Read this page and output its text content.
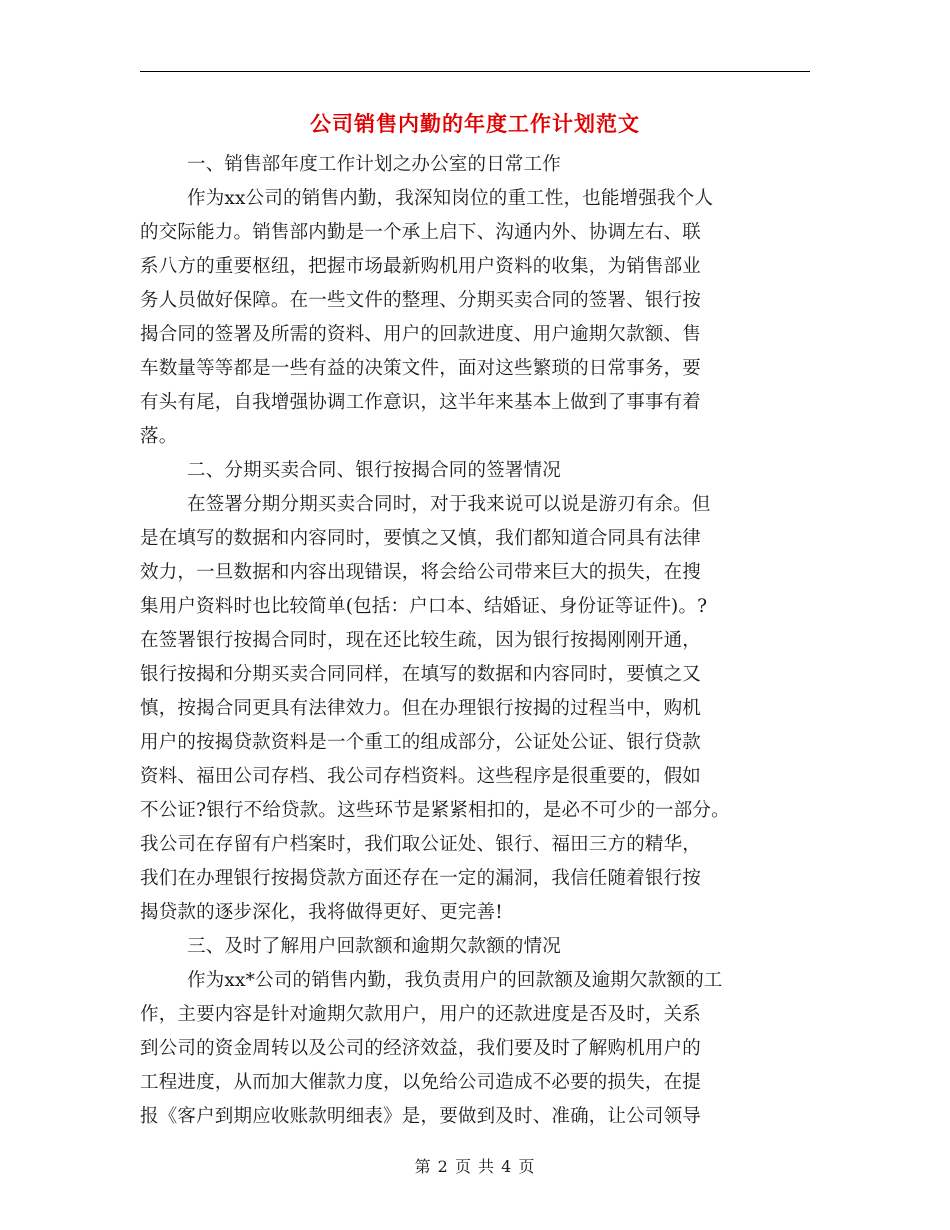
公司销售内勤的年度工作计划范文
一、销售部年度工作计划之办公室的日常工作
作为xx公司的销售内勤，我深知岗位的重工性，也能增强我个人
的交际能力。销售部内勤是一个承上启下、沟通内外、协调左右、联
系八方的重要枢纽，把握市场最新购机用户资料的收集，为销售部业
务人员做好保障。在一些文件的整理、分期买卖合同的签署、银行按
揭合同的签署及所需的资料、用户的回款进度、用户逾期欠款额、售
车数量等等都是一些有益的决策文件，面对这些繁琐的日常事务，要
有头有尾，自我增强协调工作意识，这半年来基本上做到了事事有着
落。
二、分期买卖合同、银行按揭合同的签署情况
在签署分期分期买卖合同时，对于我来说可以说是游刃有余。但
是在填写的数据和内容同时，要慎之又慎，我们都知道合同具有法律
效力，一旦数据和内容出现错误，将会给公司带来巨大的损失，在搜
集用户资料时也比较简单(包括：户口本、结婚证、身份证等证件)。?
在签署银行按揭合同时，现在还比较生疏，因为银行按揭刚刚开通，
银行按揭和分期买卖合同同样，在填写的数据和内容同时，要慎之又
慎，按揭合同更具有法律效力。但在办理银行按揭的过程当中，购机
用户的按揭贷款资料是一个重工的组成部分，公证处公证、银行贷款
资料、福田公司存档、我公司存档资料。这些程序是很重要的，假如
不公证?银行不给贷款。这些环节是紧紧相扣的，是必不可少的一部分。
我公司在存留有户档案时，我们取公证处、银行、福田三方的精华，
我们在办理银行按揭贷款方面还存在一定的漏洞，我信任随着银行按
揭贷款的逐步深化，我将做得更好、更完善!
三、及时了解用户回款额和逾期欠款额的情况
作为xx*公司的销售内勤，我负责用户的回款额及逾期欠款额的工
作，主要内容是针对逾期欠款用户，用户的还款进度是否及时，关系
到公司的资金周转以及公司的经济效益，我们要及时了解购机用户的
工程进度，从而加大催款力度，以免给公司造成不必要的损失，在提
报《客户到期应收账款明细表》是，要做到及时、准确，让公司领导
第 2 页 共 4 页
